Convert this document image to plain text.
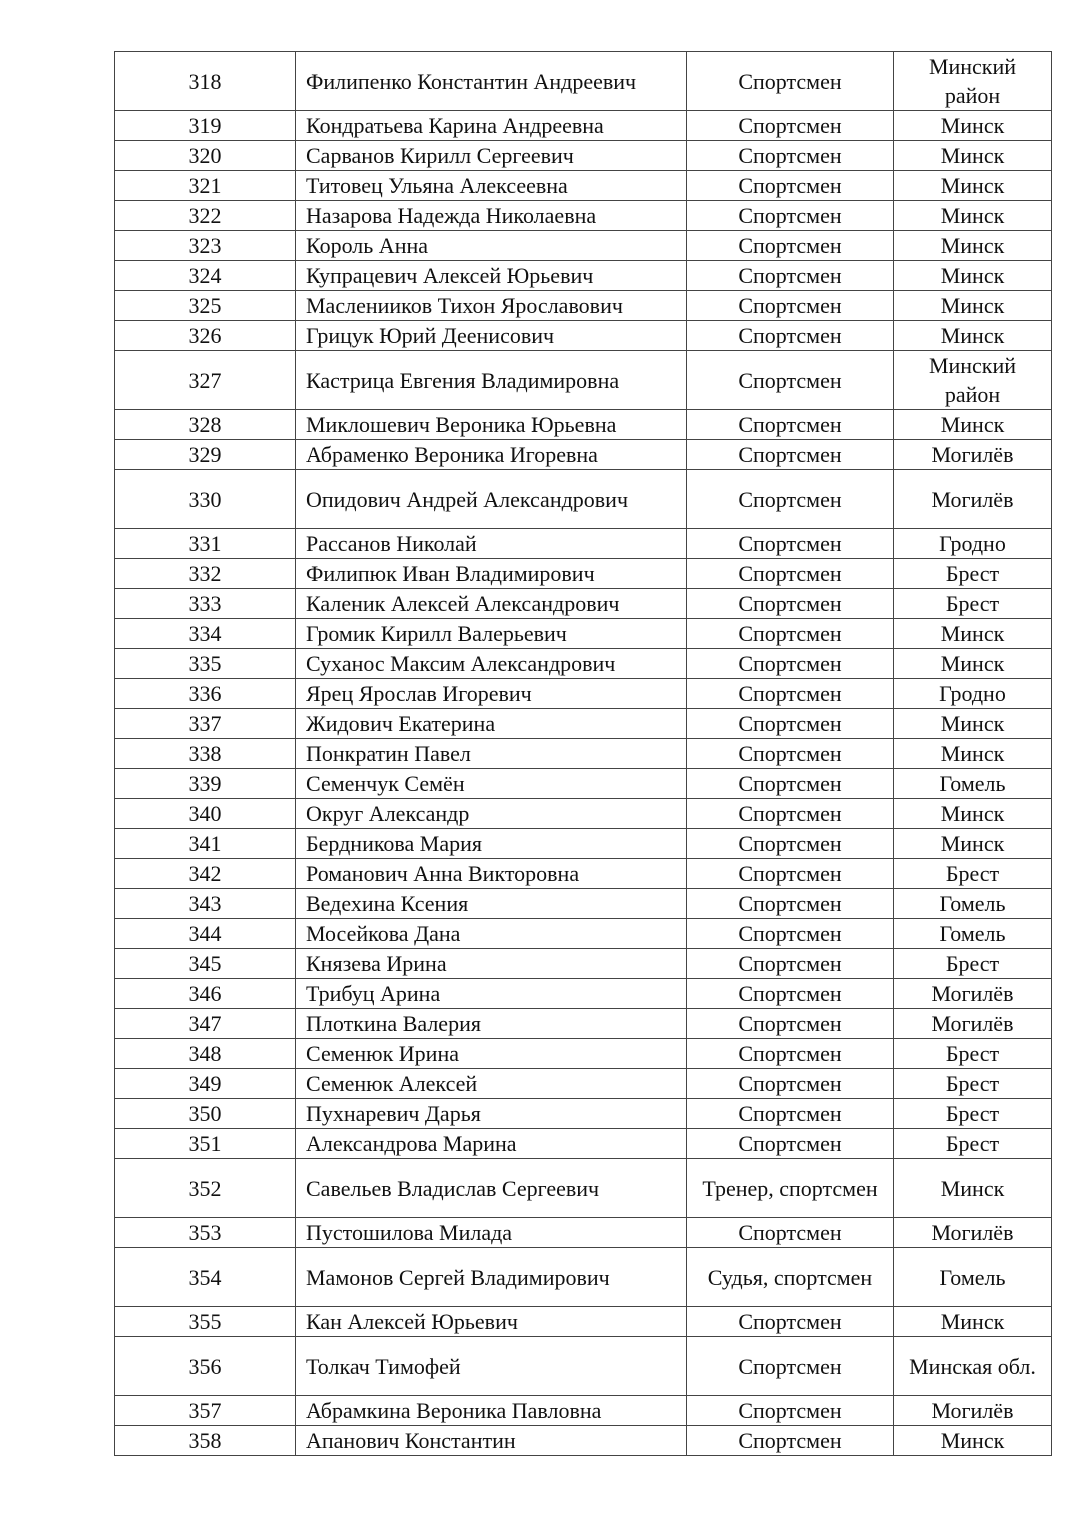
318	Филипенко Константин Андреевич	Спортсмен	Минский район
319	Кондратьева Карина Андреевна	Спортсмен	Минск
320	Сарванов Кирилл Сергеевич	Спортсмен	Минск
321	Титовец Ульяна Алексеевна	Спортсмен	Минск
322	Назарова Надежда Николаевна	Спортсмен	Минск
323	Король Анна	Спортсмен	Минск
324	Купрацевич Алексей Юрьевич	Спортсмен	Минск
325	Масленииков Тихон Ярославович	Спортсмен	Минск
326	Грицук Юрий Деенисович	Спортсмен	Минск
327	Кастрица Евгения Владимировна	Спортсмен	Минский район
328	Миклошевич Вероника Юрьевна	Спортсмен	Минск
329	Абраменко Вероника Игоревна	Спортсмен	Могилёв
330	Опидович Андрей Александрович	Спортсмен	Могилёв
331	Рассанов Николай	Спортсмен	Гродно
332	Филипюк Иван Владимирович	Спортсмен	Брест
333	Каленик Алексей Александрович	Спортсмен	Брест
334	Громик Кирилл Валерьевич	Спортсмен	Минск
335	Суханос Максим Александрович	Спортсмен	Минск
336	Ярец Ярослав Игоревич	Спортсмен	Гродно
337	Жидович Екатерина	Спортсмен	Минск
338	Понкратин Павел	Спортсмен	Минск
339	Семенчук Семён	Спортсмен	Гомель
340	Округ Александр	Спортсмен	Минск
341	Бердникова Мария	Спортсмен	Минск
342	Романович Анна Викторовна	Спортсмен	Брест
343	Ведехина Ксения	Спортсмен	Гомель
344	Мосейкова Дана	Спортсмен	Гомель
345	Князева Ирина	Спортсмен	Брест
346	Трибуц Арина	Спортсмен	Могилёв
347	Плоткина Валерия	Спортсмен	Могилёв
348	Семенюк Ирина	Спортсмен	Брест
349	Семенюк Алексей	Спортсмен	Брест
350	Пухнаревич Дарья	Спортсмен	Брест
351	Александрова Марина	Спортсмен	Брест
352	Савельев Владислав Сергеевич	Тренер, спортсмен	Минск
353	Пустошилова Милада	Спортсмен	Могилёв
354	Мамонов Сергей Владимирович	Судья, спортсмен	Гомель
355	Кан Алексей Юрьевич	Спортсмен	Минск
356	Толкач Тимофей	Спортсмен	Минская обл.
357	Абрамкина Вероника Павловна	Спортсмен	Могилёв
358	Апанович Константин	Спортсмен	Минск
